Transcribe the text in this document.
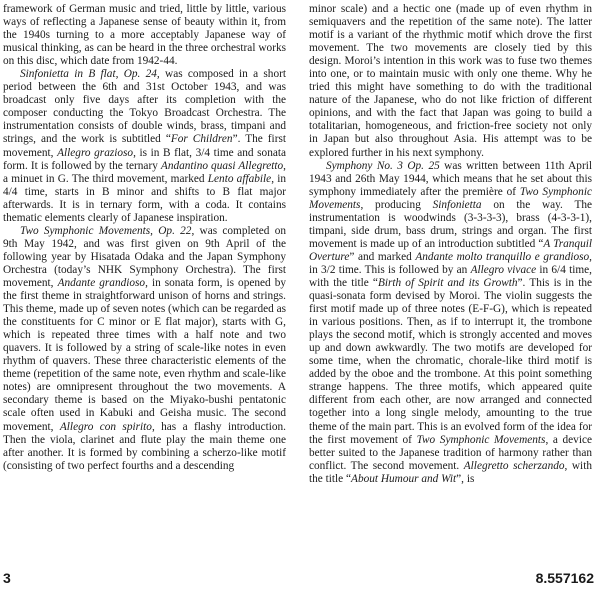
framework of German music and tried, little by little, various ways of reflecting a Japanese sense of beauty within it, from the 1940s turning to a more acceptably Japanese way of musical thinking, as can be heard in the three orchestral works on this disc, which date from 1942-44.

Sinfonietta in B flat, Op. 24, was composed in a short period between the 6th and 31st October 1943, and was broadcast only five days after its completion with the composer conducting the Tokyo Broadcast Orchestra. The instrumentation consists of double winds, brass, timpani and strings, and the work is subtitled “For Children”. The first movement, Allegro grazioso, is in B flat, 3/4 time and sonata form. It is followed by the ternary Andantino quasi Allegretto, a minuet in G. The third movement, marked Lento affabile, in 4/4 time, starts in B minor and shifts to B flat major afterwards. It is in ternary form, with a coda. It contains thematic elements clearly of Japanese inspiration.

Two Symphonic Movements, Op. 22, was completed on 9th May 1942, and was first given on 9th April of the following year by Hisatada Odaka and the Japan Symphony Orchestra (today’s NHK Symphony Orchestra). The first movement, Andante grandioso, in sonata form, is opened by the first theme in straightforward unison of horns and strings. This theme, made up of seven notes (which can be regarded as the constituents for C minor or E flat major), starts with G, which is repeated three times with a half note and two quavers. It is followed by a string of scale-like notes in even rhythm of quavers. These three characteristic elements of the theme (repetition of the same note, even rhythm and scale-like notes) are omnipresent throughout the two movements. A secondary theme is based on the Miyako-bushi pentatonic scale often used in Kabuki and Geisha music. The second movement, Allegro con spirito, has a flashy introduction. Then the viola, clarinet and flute play the main theme one after another. It is formed by combining a scherzo-like motif (consisting of two perfect fourths and a descending

minor scale) and a hectic one (made up of even rhythm in semiquavers and the repetition of the same note). The latter motif is a variant of the rhythmic motif which drove the first movement. The two movements are closely tied by this design. Moroi’s intention in this work was to fuse two themes into one, or to maintain music with only one theme. Why he tried this might have something to do with the traditional nature of the Japanese, who do not like friction of different opinions, and with the fact that Japan was going to build a totalitarian, homogeneous, and friction-free society not only in Japan but also throughout Asia. His attempt was to be explored further in his next symphony.

Symphony No. 3 Op. 25 was written between 11th April 1943 and 26th May 1944, which means that he set about this symphony immediately after the première of Two Symphonic Movements, producing Sinfonietta on the way. The instrumentation is woodwinds (3-3-3-3), brass (4-3-3-1), timpani, side drum, bass drum, strings and organ. The first movement is made up of an introduction subtitled “A Tranquil Overture” and marked Andante molto tranquillo e grandioso, in 3/2 time. This is followed by an Allegro vivace in 6/4 time, with the title “Birth of Spirit and its Growth”. This is in the quasi-sonata form devised by Moroi. The violin suggests the first motif made up of three notes (E-F-G), which is repeated in various positions. Then, as if to interrupt it, the trombone plays the second motif, which is strongly accented and moves up and down awkwardly. The two motifs are developed for some time, when the chromatic, chorale-like third motif is added by the oboe and the trombone. At this point something strange happens. The three motifs, which appeared quite different from each other, are now arranged and connected together into a long single melody, amounting to the true theme of the main part. This is an evolved form of the idea for the first movement of Two Symphonic Movements, a device better suited to the Japanese tradition of harmony rather than conflict. The second movement. Allegretto scherzando, with the title “About Humour and Wit”, is

3	8.557162
